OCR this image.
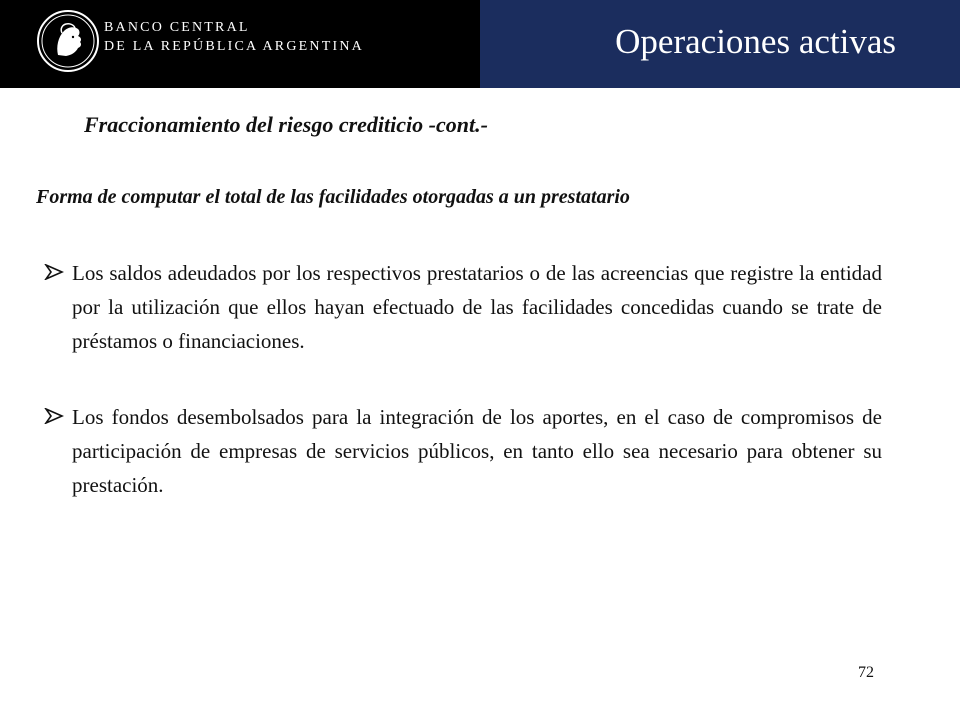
BANCO CENTRAL
DE LA REPÚBLICA ARGENTINA	Operaciones activas
Fraccionamiento del riesgo crediticio -cont.-
Forma de computar el total de las facilidades otorgadas a un prestatario
Los saldos adeudados por los respectivos prestatarios o de las acreencias que registre la entidad por la utilización que ellos hayan efectuado de las facilidades concedidas cuando se trate de préstamos o financiaciones.
Los fondos desembolsados para la integración de los aportes, en el caso de compromisos de participación de empresas de servicios públicos, en tanto ello sea necesario para obtener su prestación.
72
